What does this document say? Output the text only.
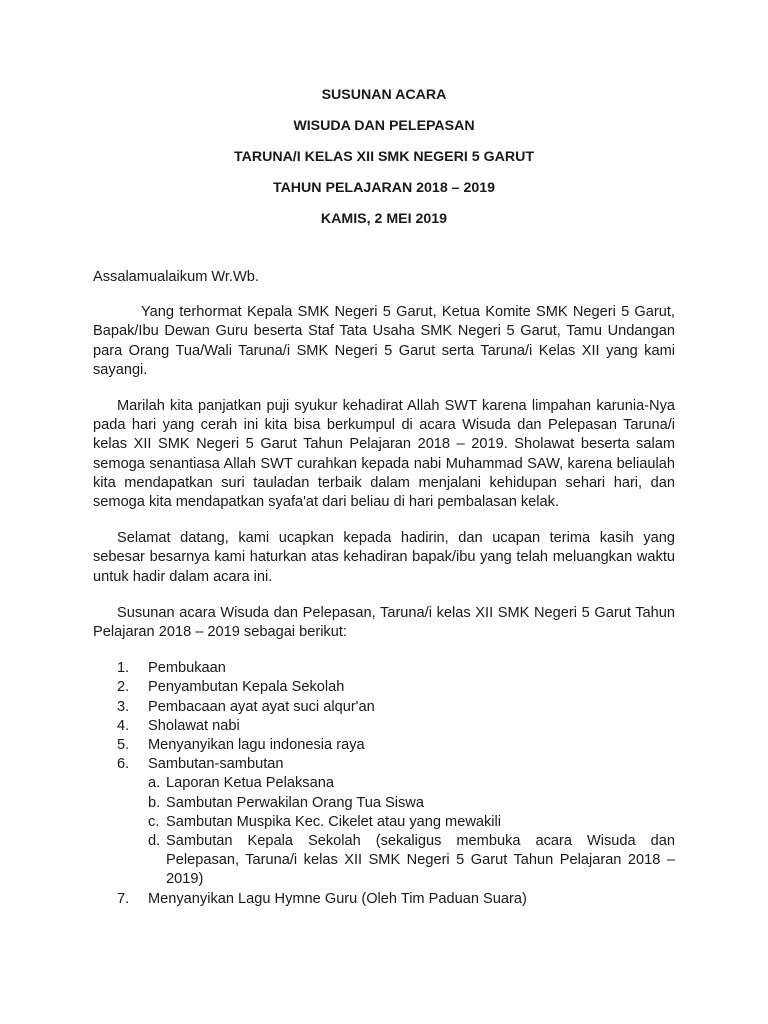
SUSUNAN ACARA
WISUDA DAN PELEPASAN
TARUNA/I KELAS XII SMK NEGERI 5 GARUT
TAHUN PELAJARAN 2018 – 2019
KAMIS, 2 MEI 2019
Assalamualaikum Wr.Wb.

Yang terhormat Kepala SMK Negeri 5 Garut, Ketua Komite SMK Negeri 5 Garut, Bapak/Ibu Dewan Guru beserta Staf Tata Usaha SMK Negeri 5 Garut, Tamu Undangan para Orang Tua/Wali Taruna/i SMK Negeri 5 Garut serta Taruna/i Kelas XII yang kami sayangi.

Marilah kita panjatkan puji syukur kehadirat Allah SWT karena limpahan karunia-Nya pada hari yang cerah ini kita bisa berkumpul di acara Wisuda dan Pelepasan Taruna/i kelas XII SMK Negeri 5 Garut Tahun Pelajaran 2018 – 2019. Sholawat beserta salam semoga senantiasa Allah SWT curahkan kepada nabi Muhammad SAW, karena beliaulah kita mendapatkan suri tauladan terbaik dalam menjalani kehidupan sehari hari, dan semoga kita mendapatkan syafa'at dari beliau di hari pembalasan kelak.

Selamat datang, kami ucapkan kepada hadirin, dan ucapan terima kasih yang sebesar besarnya kami haturkan atas kehadiran bapak/ibu yang telah meluangkan waktu untuk hadir dalam acara ini.

Susunan acara Wisuda dan Pelepasan, Taruna/i kelas XII SMK Negeri 5 Garut Tahun Pelajaran 2018 – 2019 sebagai berikut:

1. Pembukaan
2. Penyambutan Kepala Sekolah
3. Pembacaan ayat ayat suci alqur'an
4. Sholawat nabi
5. Menyanyikan lagu indonesia raya
6. Sambutan-sambutan
a. Laporan Ketua Pelaksana
b. Sambutan Perwakilan Orang Tua Siswa
c. Sambutan Muspika Kec. Cikelet atau yang mewakili
d. Sambutan Kepala Sekolah (sekaligus membuka acara Wisuda dan Pelepasan, Taruna/i kelas XII SMK Negeri 5 Garut Tahun Pelajaran 2018 – 2019)
7. Menyanyikan Lagu Hymne Guru (Oleh Tim Paduan Suara)
